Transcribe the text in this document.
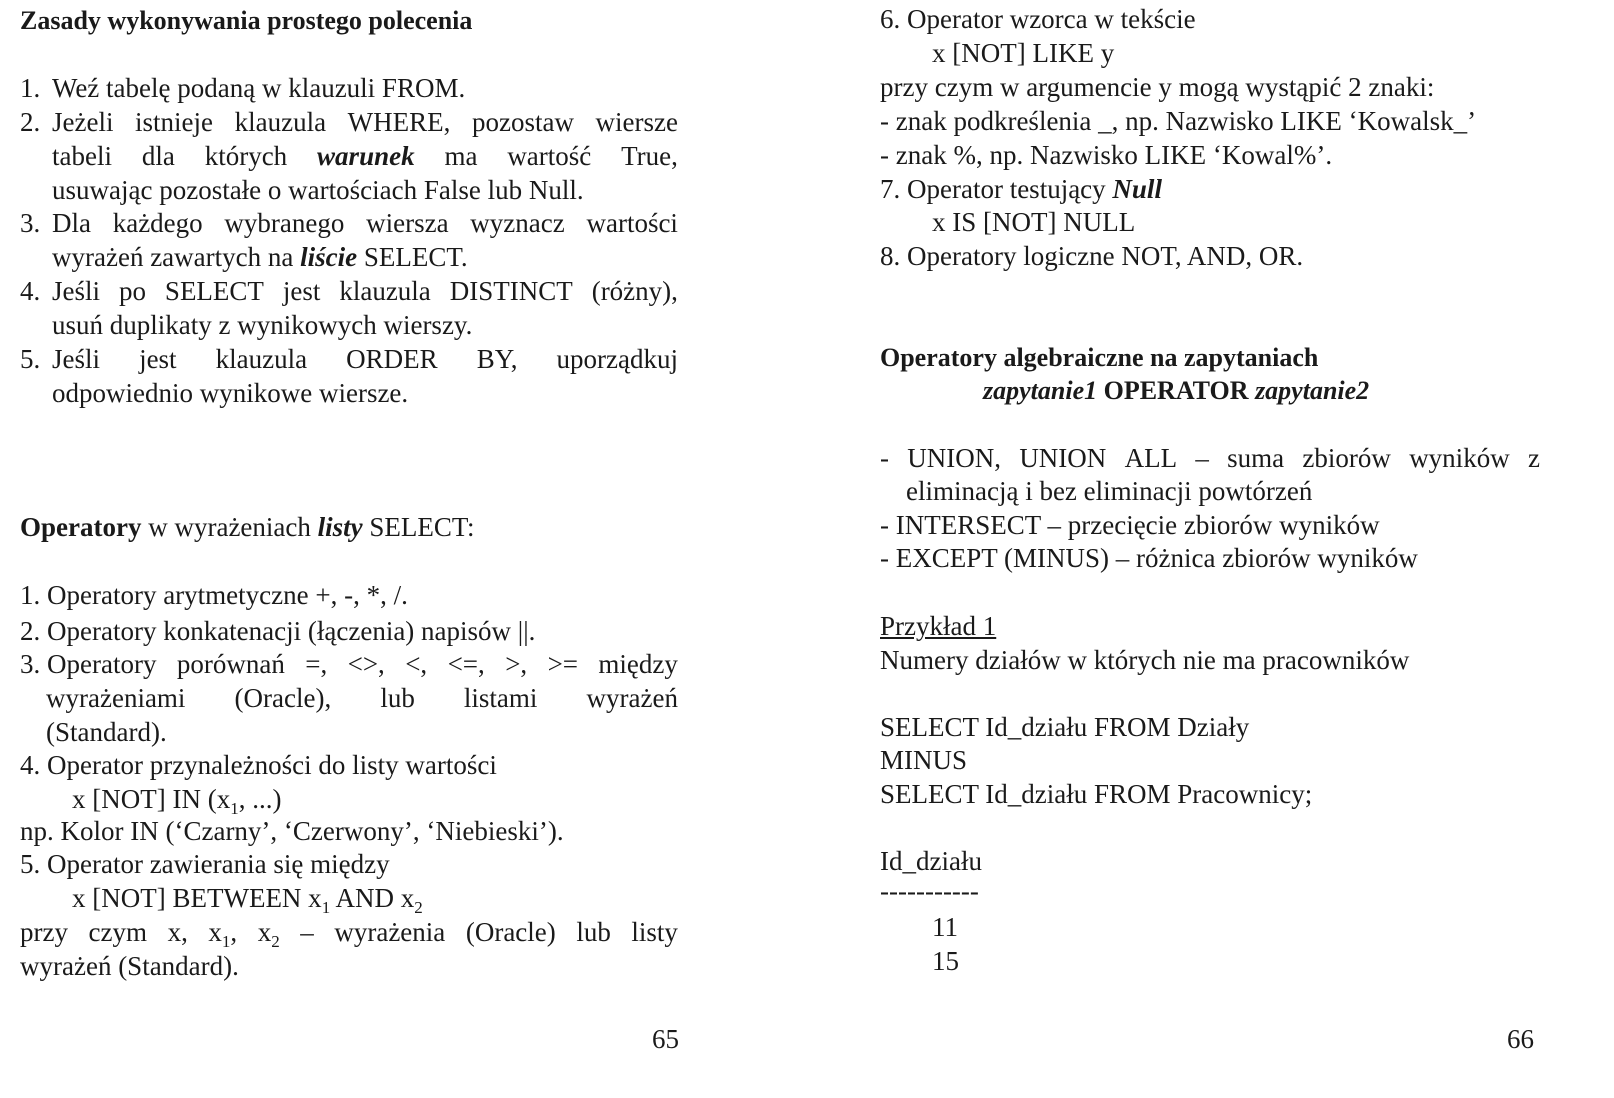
Zasady wykonywania prostego polecenia
1. Weź tabelę podaną w klauzuli FROM.
2. Jeżeli istnieje klauzula WHERE, pozostaw wiersze
tabeli dla których warunek ma wartość True,
usuwając pozostałe o wartościach False lub Null.
3. Dla każdego wybranego wiersza wyznacz wartości
wyrażeń zawartych na liście SELECT.
4. Jeśli po SELECT jest klauzula DISTINCT (różny),
usuń duplikaty z wynikowych wierszy.
5. Jeśli jest klauzula ORDER BY, uporządkuj
odpowiednio wynikowe wiersze.
Operatory w wyrażeniach listy SELECT:
1. Operatory arytmetyczne +, -, *, /.
2. Operatory konkatenacji (łączenia) napisów ||.
3. Operatory porównań =, <>, <, <=, >, >= między
wyrażeniami (Oracle), lub listami wyrażeń
(Standard).
4. Operator przynależności do listy wartości
x [NOT] IN ($x_1$, ...)
np. Kolor IN (‘Czarny’, ‘Czerwony’, ‘Niebieski’).
5. Operator zawierania się między
x [NOT] BETWEEN $x_1$ AND $x_2$
przy czym x, $x_1$, $x_2$ – wyrażenia (Oracle) lub listy
wyrażeń (Standard).
65
6. Operator wzorca w tekście
x [NOT] LIKE y
przy czym w argumencie y mogą wystąpić 2 znaki:
- znak podkreślenia _, np. Nazwisko LIKE ‘Kowalsk_’
- znak %, np. Nazwisko LIKE ‘Kowal%’.
7. Operator testujący Null
x IS [NOT] NULL
8. Operatory logiczne NOT, AND, OR.
Operatory algebraiczne na zapytaniach
zapytanie1 OPERATOR zapytanie2
- UNION, UNION ALL – suma zbiorów wyników z
eliminacją i bez eliminacji powtórzeń
- INTERSECT – przecięcie zbiorów wyników
- EXCEPT (MINUS) – różnica zbiorów wyników
Przykład 1
Numery działów w których nie ma pracowników
SELECT Id_działu FROM Działy
MINUS
SELECT Id_działu FROM Pracownicy;
Id_działu
-----------
11
15
66
